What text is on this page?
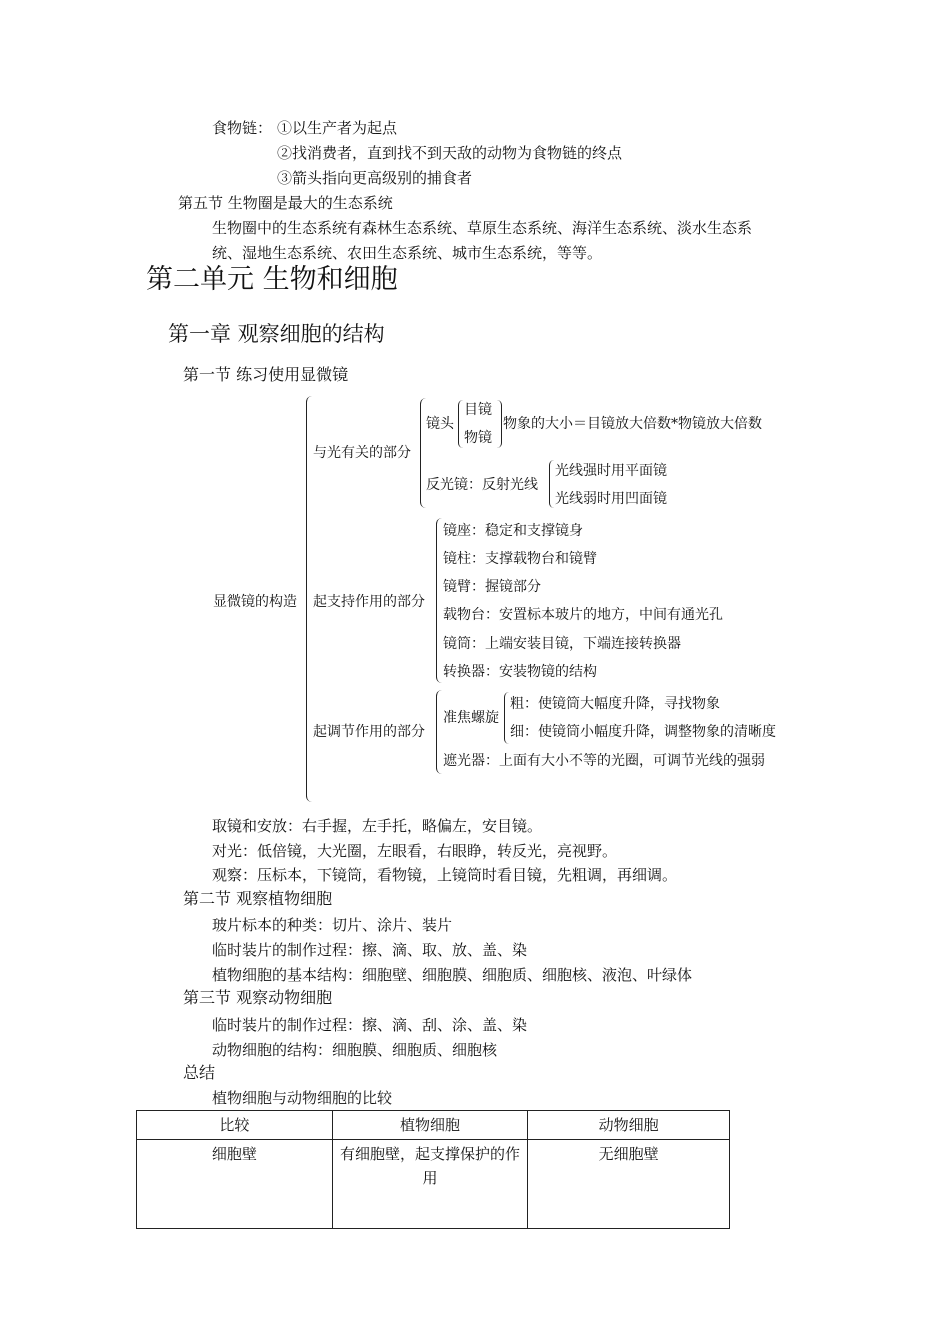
食物链： ①以生产者为起点
②找消费者，直到找不到天敌的动物为食物链的终点
③箭头指向更高级别的捕食者
第五节 生物圈是最大的生态系统
生物圈中的生态系统有森林生态系统、草原生态系统、海洋生态系统、淡水生态系
统、湿地生态系统、农田生态系统、城市生态系统，等等。
第二单元 生物和细胞
第一章 观察细胞的结构
第一节 练习使用显微镜
显微镜的构造
与光有关的部分
镜头
目镜
物镜
物象的大小＝目镜放大倍数*物镜放大倍数
反光镜：反射光线
光线强时用平面镜
光线弱时用凹面镜
起支持作用的部分
镜座：稳定和支撑镜身
镜柱：支撑载物台和镜臂
镜臂：握镜部分
载物台：安置标本玻片的地方，中间有通光孔
镜筒：上端安装目镜，下端连接转换器
转换器：安装物镜的结构
起调节作用的部分
准焦螺旋
粗：使镜筒大幅度升降，寻找物象
细：使镜筒小幅度升降，调整物象的清晰度
遮光器：上面有大小不等的光圈，可调节光线的强弱
取镜和安放：右手握，左手托，略偏左，安目镜。
对光：低倍镜，大光圈，左眼看，右眼睁，转反光，亮视野。
观察：压标本，下镜筒，看物镜，上镜筒时看目镜，先粗调，再细调。
第二节 观察植物细胞
玻片标本的种类：切片、涂片、装片
临时装片的制作过程：擦、滴、取、放、盖、染
植物细胞的基本结构：细胞壁、细胞膜、细胞质、细胞核、液泡、叶绿体
第三节 观察动物细胞
临时装片的制作过程：擦、滴、刮、涂、盖、染
动物细胞的结构：细胞膜、细胞质、细胞核
总结
植物细胞与动物细胞的比较
比较	植物细胞	动物细胞
细胞壁	有细胞壁，起支撑保护的作用	无细胞壁
